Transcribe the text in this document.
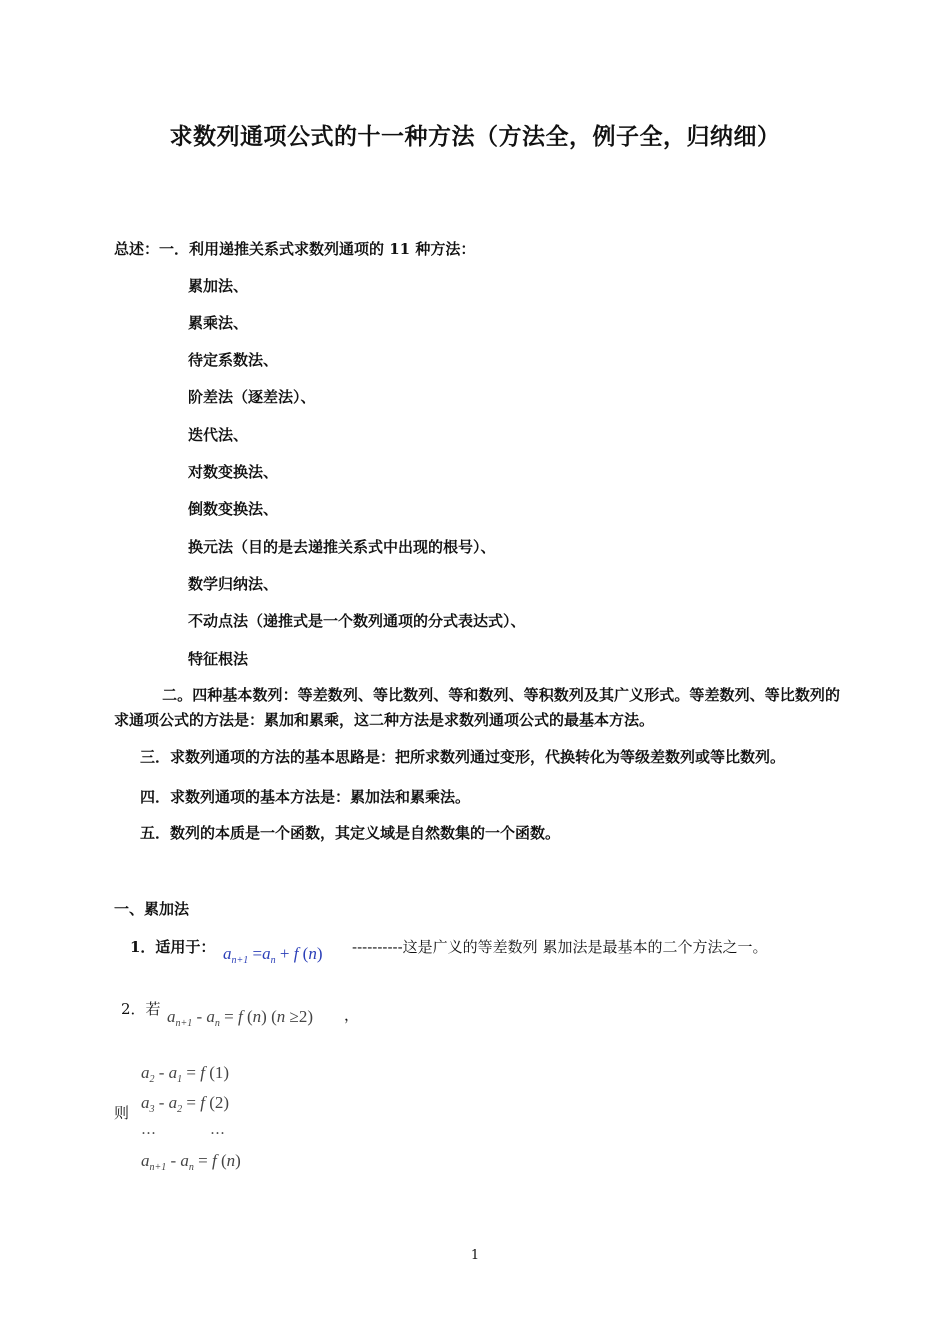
求数列通项公式的十一种方法（方法全，例子全，归纳细）
总述：一．利用递推关系式求数列通项的 11 种方法：
累加法、
累乘法、
待定系数法、
阶差法（逐差法）、
迭代法、
对数变换法、
倒数变换法、
换元法（目的是去递推关系式中出现的根号）、
数学归纳法、
不动点法（递推式是一个数列通项的分式表达式）、
特征根法
二。四种基本数列：等差数列、等比数列、等和数列、等积数列及其广义形式。等差数列、等比数列的求通项公式的方法是：累加和累乘，这二种方法是求数列通项公式的最基本方法。
三．求数列通项的方法的基本思路是：把所求数列通过变形，代换转化为等级差数列或等比数列。
四．求数列通项的基本方法是：累加法和累乘法。
五．数列的本质是一个函数，其定义域是自然数集的一个函数。
一、累加法
1．适用于： $a_{n+1} =a_n + f$ (n) ----------这是广义的等差数列 累加法是最基本的二个方法之一。
2．若 $a_{n+1} - a_n = f$ (n) (n ≥2) ，
则
$a_2 - a_1 = f$ (1)
$a_3 - a_2 = f$ (2)
…	…
$a_{n+1} - a_n = f$ (n)
1
